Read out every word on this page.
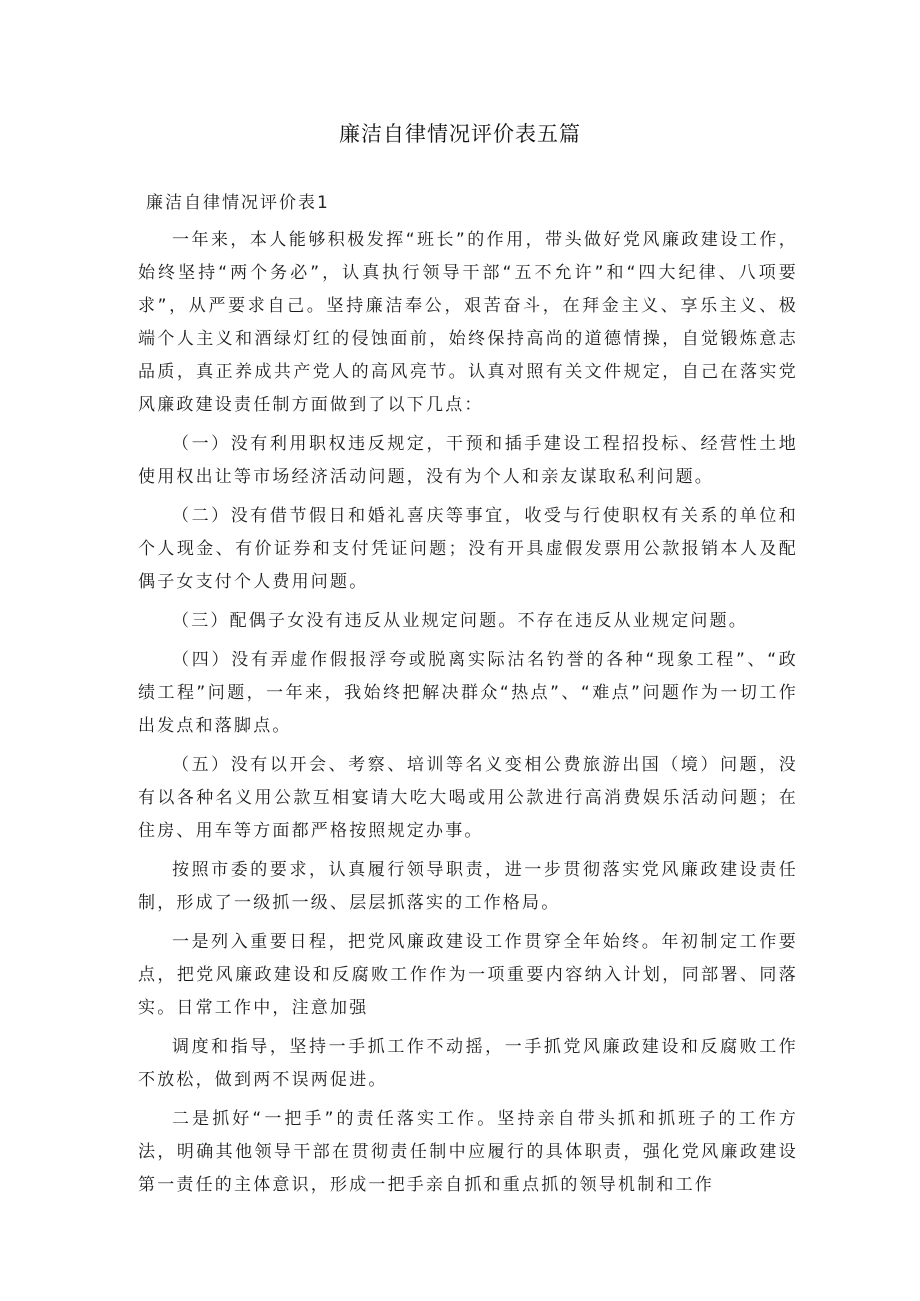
廉洁自律情况评价表五篇
廉洁自律情况评价表1

一年来，本人能够积极发挥“班长”的作用，带头做好党风廉政建设工作，始终坚持“两个务必”，认真执行领导干部“五不允许”和“四大纪律、八项要求”，从严要求自己。坚持廉洁奉公，艰苦奋斗，在拜金主义、享乐主义、极端个人主义和酒绿灯红的侵蚀面前，始终保持高尚的道德情操，自觉锻炼意志品质，真正养成共产党人的高风亮节。认真对照有关文件规定，自己在落实党风廉政建设责任制方面做到了以下几点：

（一）没有利用职权违反规定，干预和插手建设工程招投标、经营性土地使用权出让等市场经济活动问题，没有为个人和亲友谋取私利问题。

（二）没有借节假日和婚礼喜庆等事宜，收受与行使职权有关系的单位和个人现金、有价证券和支付凭证问题；没有开具虚假发票用公款报销本人及配偶子女支付个人费用问题。

（三）配偶子女没有违反从业规定问题。不存在违反从业规定问题。

（四）没有弄虚作假报浮夸或脱离实际沽名钓誉的各种“现象工程”、“政绩工程”问题，一年来，我始终把解决群众“热点”、“难点”问题作为一切工作出发点和落脚点。

（五）没有以开会、考察、培训等名义变相公费旅游出国（境）问题，没有以各种名义用公款互相宴请大吃大喝或用公款进行高消费娱乐活动问题；在住房、用车等方面都严格按照规定办事。

按照市委的要求，认真履行领导职责，进一步贯彻落实党风廉政建设责任制，形成了一级抓一级、层层抓落实的工作格局。

一是列入重要日程，把党风廉政建设工作贯穿全年始终。年初制定工作要点，把党风廉政建设和反腐败工作作为一项重要内容纳入计划，同部署、同落实。日常工作中，注意加强

调度和指导，坚持一手抓工作不动摇，一手抓党风廉政建设和反腐败工作不放松，做到两不误两促进。

二是抓好“一把手”的责任落实工作。坚持亲自带头抓和抓班子的工作方法，明确其他领导干部在贯彻责任制中应履行的具体职责，强化党风廉政建设第一责任的主体意识，形成一把手亲自抓和重点抓的领导机制和工作
